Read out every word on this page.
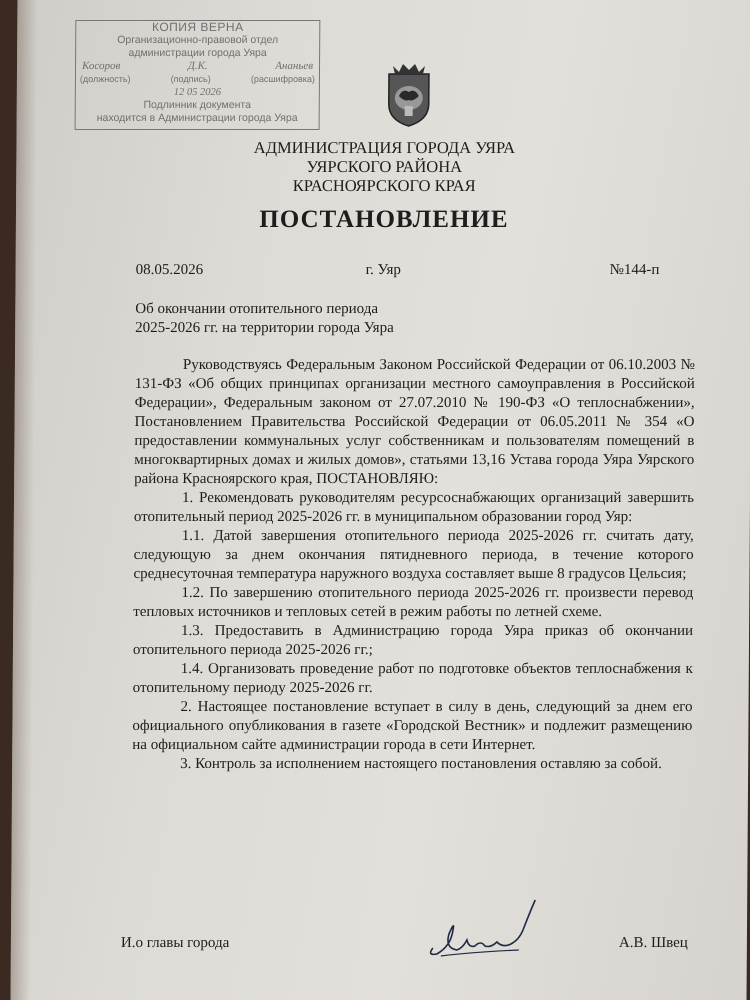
КОПИЯ ВЕРНА
Организационно-правовой отдел
администрации города Уяра
Косоров	Д.К.	Ананьев
(должность)	(подпись)	(расшифровка)
12 05 2026
Подлинник документа
находится в Администрации города Уяра
АДМИНИСТРАЦИЯ ГОРОДА УЯРА
УЯРСКОГО РАЙОНА
КРАСНОЯРСКОГО КРАЯ
ПОСТАНОВЛЕНИЕ
08.05.2026	г. Уяр	№144-п
Об окончании отопительного периода
2025-2026 гг. на территории города Уяра

Руководствуясь Федеральным Законом Российской Федерации от 06.10.2003 № 131-ФЗ «Об общих принципах организации местного самоуправления в Российской Федерации», Федеральным законом от 27.07.2010 № 190-ФЗ «О теплоснабжении», Постановлением Правительства Российской Федерации от 06.05.2011 № 354 «О предоставлении коммунальных услуг собственникам и пользователям помещений в многоквартирных домах и жилых домов», статьями 13,16 Устава города Уяра Уярского района Красноярского края, ПОСТАНОВЛЯЮ:

1. Рекомендовать руководителям ресурсоснабжающих организаций завершить отопительный период 2025-2026 гг. в муниципальном образовании город Уяр:

1.1. Датой завершения отопительного периода 2025-2026 гг. считать дату, следующую за днем окончания пятидневного периода, в течение которого среднесуточная температура наружного воздуха составляет выше 8 градусов Цельсия;

1.2. По завершению отопительного периода 2025-2026 гг. произвести перевод тепловых источников и тепловых сетей в режим работы по летней схеме.

1.3. Предоставить в Администрацию города Уяра приказ об окончании отопительного периода 2025-2026 гг.;

1.4. Организовать проведение работ по подготовке объектов теплоснабжения к отопительному периоду 2025-2026 гг.

2. Настоящее постановление вступает в силу в день, следующий за днем его официального опубликования в газете «Городской Вестник» и подлежит размещению на официальном сайте администрации города в сети Интернет.

3. Контроль за исполнением настоящего постановления оставляю за собой.

И.о главы города	А.В. Швец
